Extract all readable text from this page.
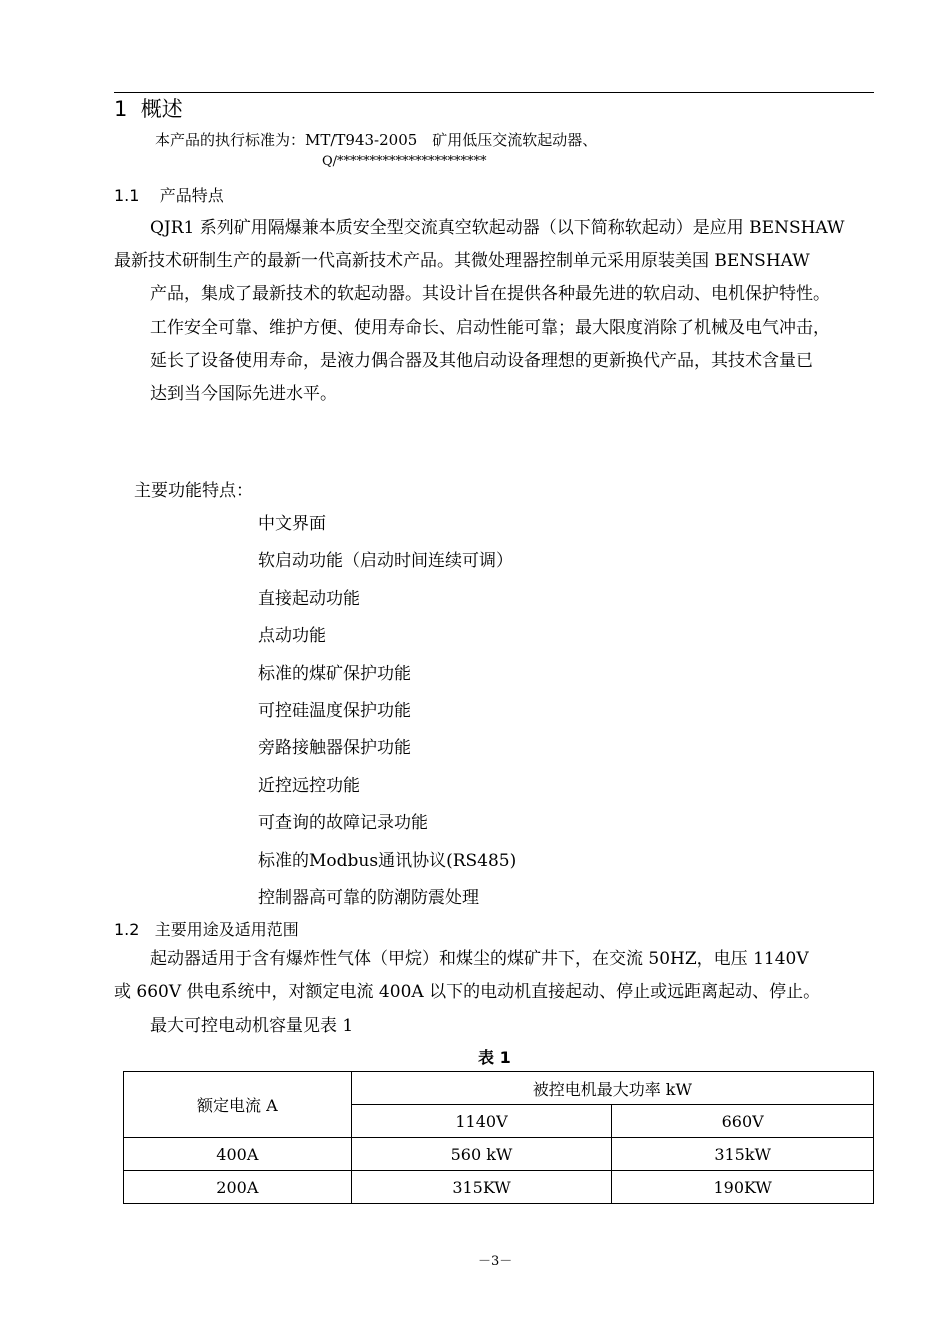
1 概述
本产品的执行标准为：MT/T943-2005　矿用低压交流软起动器、
Q/***********************
1.1 产品特点
QJR1 系列矿用隔爆兼本质安全型交流真空软起动器（以下简称软起动）是应用 BENSHAW
最新技术研制生产的最新一代高新技术产品。其微处理器控制单元采用原装美国 BENSHAW
产品，集成了最新技术的软起动器。其设计旨在提供各种最先进的软启动、电机保护特性。
工作安全可靠、维护方便、使用寿命长、启动性能可靠；最大限度消除了机械及电气冲击，
延长了设备使用寿命，是液力偶合器及其他启动设备理想的更新换代产品，其技术含量已
达到当今国际先进水平。
主要功能特点：
中文界面
软启动功能（启动时间连续可调）
直接起动功能
点动功能
标准的煤矿保护功能
可控硅温度保护功能
旁路接触器保护功能
近控远控功能
可查询的故障记录功能
标准的Modbus通讯协议(RS485)
控制器高可靠的防潮防震处理
1.2 主要用途及适用范围
起动器适用于含有爆炸性气体（甲烷）和煤尘的煤矿井下，在交流 50HZ，电压 1140V
或 660V 供电系统中，对额定电流 400A 以下的电动机直接起动、停止或远距离起动、停止。
最大可控电动机容量见表 1
表 1
额定电流 A	被控电机最大功率 kW	
	1140V	660V
400A	560 kW	315kW
200A	315KW	190KW
－3－
